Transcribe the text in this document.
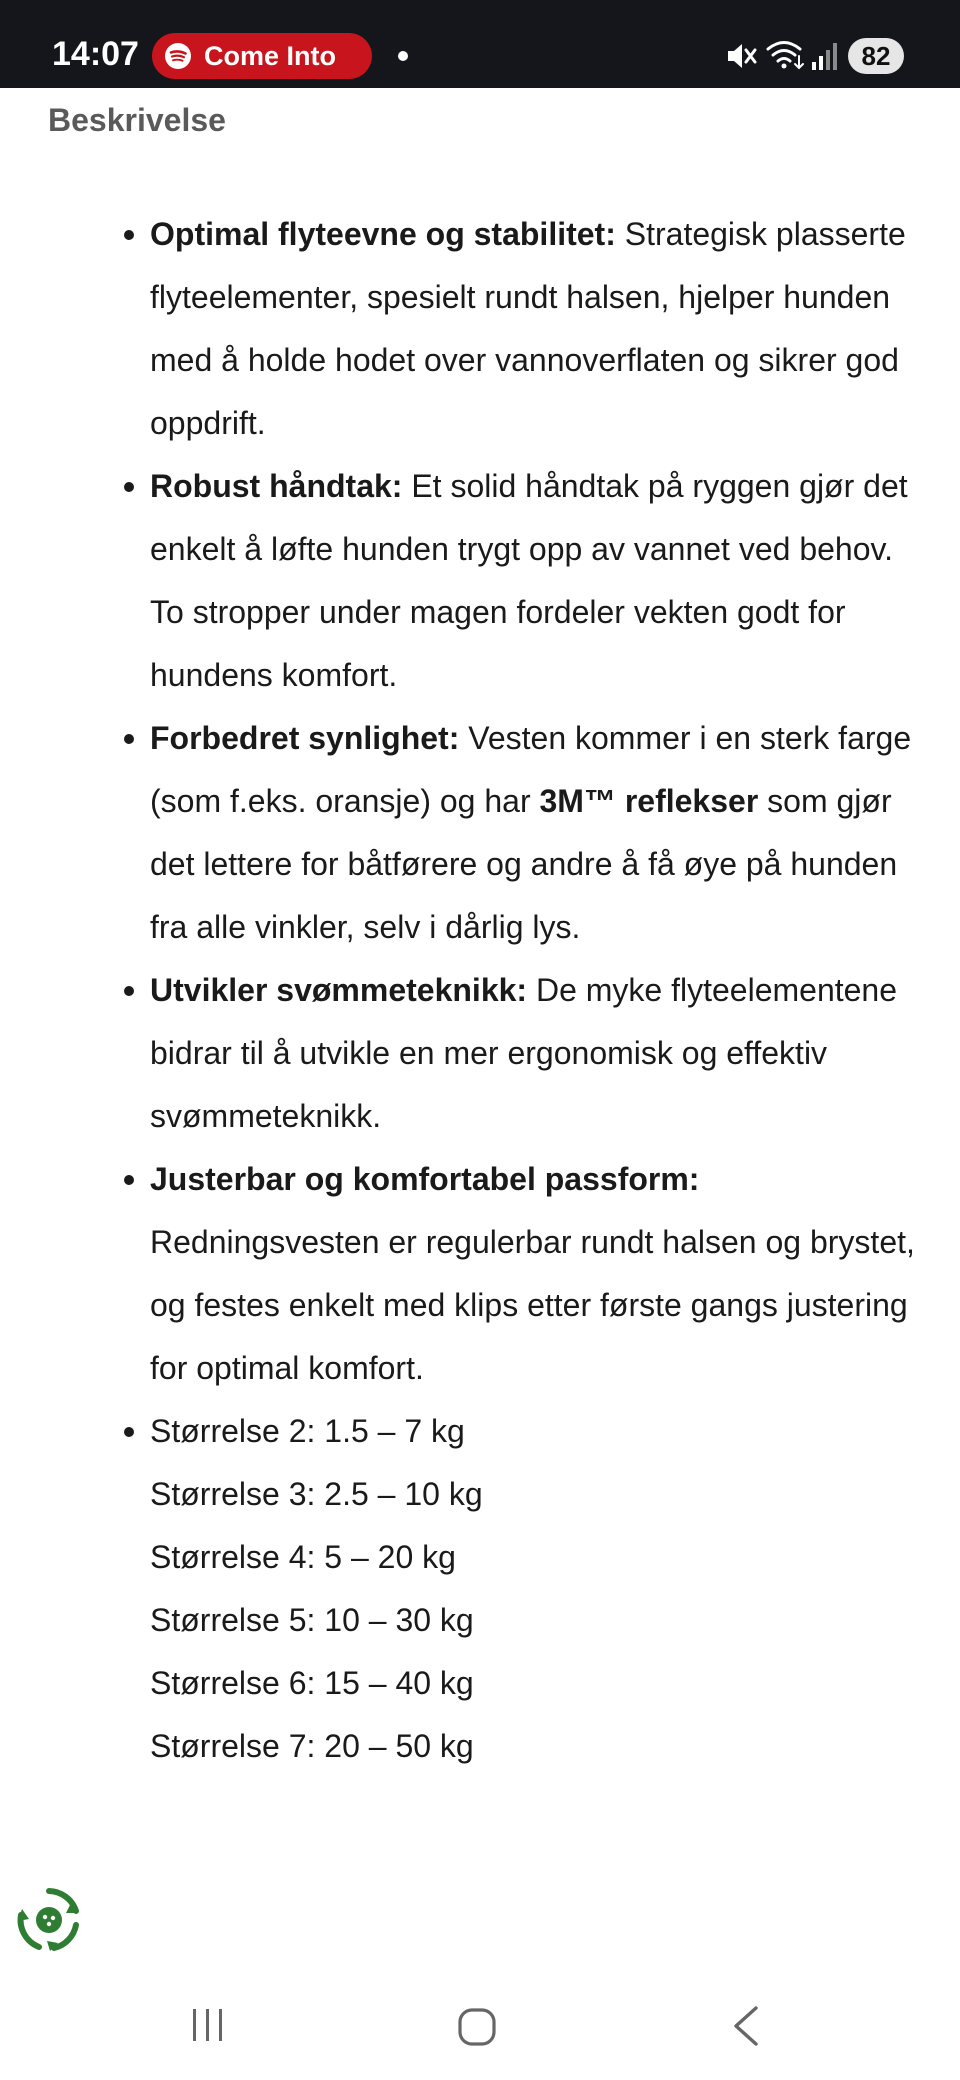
14:07 Come Into	82
Beskrivelse
Optimal flyteevne og stabilitet: Strategisk plasserte flyteelementer, spesielt rundt halsen, hjelper hunden med å holde hodet over vannoverflaten og sikrer god oppdrift.
Robust håndtak: Et solid håndtak på ryggen gjør det enkelt å løfte hunden trygt opp av vannet ved behov. To stropper under magen fordeler vekten godt for hundens komfort.
Forbedret synlighet: Vesten kommer i en sterk farge (som f.eks. oransje) og har 3M™ reflekser som gjør det lettere for båtførere og andre å få øye på hunden fra alle vinkler, selv i dårlig lys.
Utvikler svømmeteknikk: De myke flyteelementene bidrar til å utvikle en mer ergonomisk og effektiv svømmeteknikk.
Justerbar og komfortabel passform: Redningsvesten er regulerbar rundt halsen og brystet, og festes enkelt med klips etter første gangs justering for optimal komfort.
Størrelse 2: 1.5 – 7 kg
Størrelse 3: 2.5 – 10 kg
Størrelse 4: 5 – 20 kg
Størrelse 5: 10 – 30 kg
Størrelse 6: 15 – 40 kg
Størrelse 7: 20 – 50 kg
